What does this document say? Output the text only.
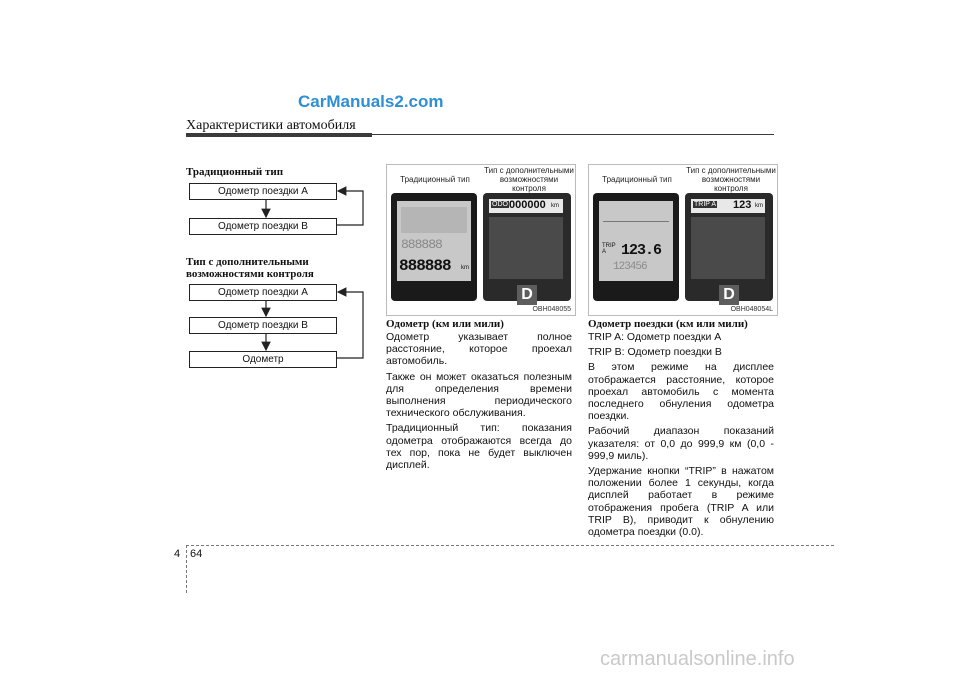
CarManuals2.com
Характеристики автомобиля
Традиционный тип
Одометр поездки A
Одометр поездки B
Тип с дополнительными возможностями контроля
Одометр поездки A
Одометр поездки B
Одометр
Традиционный тип
Тип с дополнительными возможностями контроля
888888
888888 km
ODO 000000 km
D
OBH048055
Традиционный тип
Тип с дополнительными возможностями контроля
TRIP
A 123.6
123456
TRIP A 123 km
D
OBH048054L
Одометр (км или мили)

Одометр указывает полное расстояние, которое проехал автомобиль.

Также он может оказаться полезным для определения времени выполнения периодического технического обслуживания.

Традиционный тип: показания одометра отображаются всегда до тех пор, пока не будет выключен дисплей.

Одометр поездки (км или мили)

TRIP A: Одометр поездки A

TRIP B: Одометр поездки B

В этом режиме на дисплее отображается расстояние, которое проехал автомобиль с момента последнего обнуления одометра поездки.

Рабочий диапазон показаний указателя: от 0,0 до 999,9 км (0,0 - 999,9 миль).

Удержание кнопки “TRIP” в нажатом положении более 1 секунды, когда дисплей работает в режиме отображения пробега (TRIP A или TRIP B), приводит к обнулению одометра поездки (0.0).

4 64
carmanualsonline.info
